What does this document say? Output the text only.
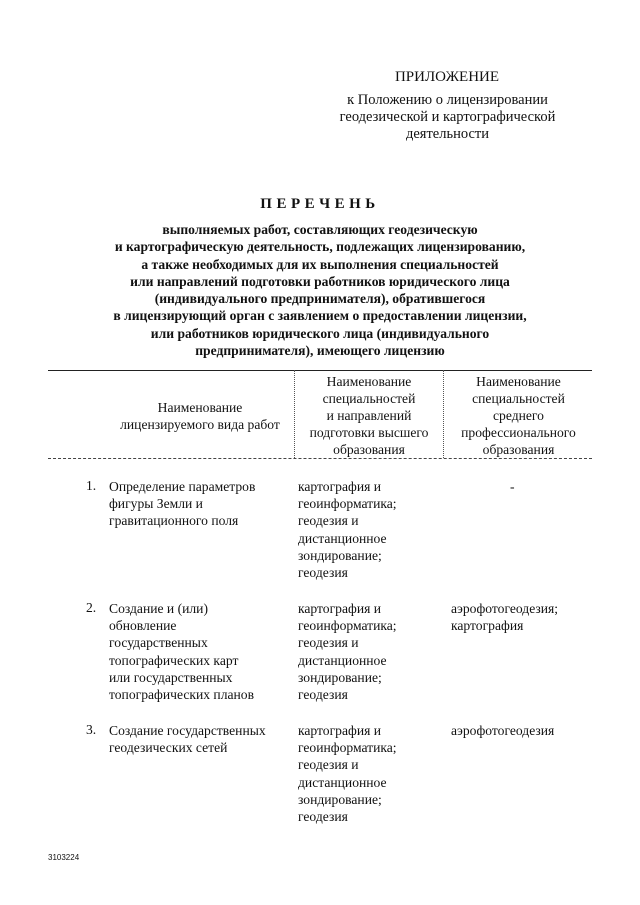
ПРИЛОЖЕНИЕ
к Положению о лицензировании
геодезической и картографической
деятельности
ПЕРЕЧЕНЬ
выполняемых работ, составляющих геодезическую
и картографическую деятельность, подлежащих лицензированию,
а также необходимых для их выполнения специальностей
или направлений подготовки работников юридического лица
(индивидуального предпринимателя), обратившегося
в лицензирующий орган с заявлением о предоставлении лицензии,
или работников юридического лица (индивидуального
предпринимателя), имеющего лицензию
Наименование
лицензируемого вида работ
Наименование
специальностей
и направлений
подготовки высшего
образования
Наименование
специальностей
среднего
профессионального
образования
1. Определение параметров
фигуры Земли и
гравитационного поля
картография и
геоинформатика;
геодезия и
дистанционное
зондирование;
геодезия
-
2. Создание и (или)
обновление
государственных
топографических карт
или государственных
топографических планов
картография и
геоинформатика;
геодезия и
дистанционное
зондирование;
геодезия
аэрофотогеодезия;
картография
3. Создание государственных
геодезических сетей
картография и
геоинформатика;
геодезия и
дистанционное
зондирование;
геодезия
аэрофотогеодезия
3103224
